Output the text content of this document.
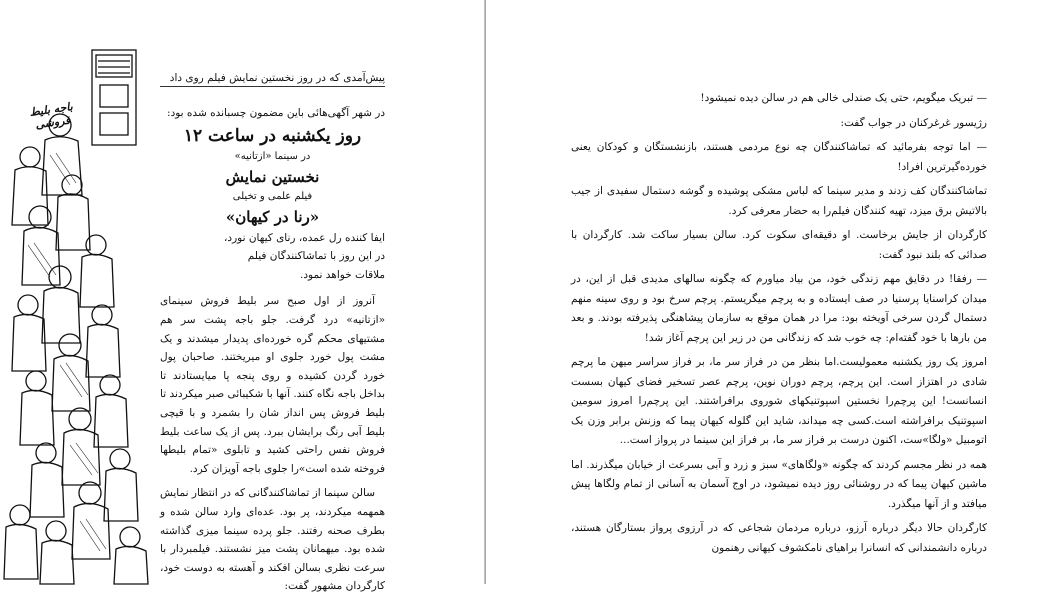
باجه بلیط فروشی
پیش‌آمدی که در روز نخستین نمایش فیلم روی داد
در شهر آگهی‌هائی باین مضمون چسبانده شده بود:
روز یکشنبه در ساعت ۱۲
در سینما «ازتانیه»
نخستین نمایش
فیلم علمی و تخیلی
«رنا در کیهان»
ایفا کننده رل عمده، رنای کیهان نورد،
در این روز با تماشاکنندگان فیلم
ملاقات خواهد نمود.

آنروز از اول صبح سر بلیط فروش سینمای «ازتانیه» درد گرفت. جلو باجه پشت سر هم مشتیهای محکم گره خورده‌ای پدیدار میشدند و یک مشت پول خورد جلوی او میریختند. صاحبان پول خورد گردن کشیده و روی پنجه پا میایستادند تا بداخل باجه نگاه کنند. آنها با شکیبائی صبر میکردند تا بلیط فروش پس انداز شان را بشمرد و با قیچی بلیط آبی رنگ برایشان ببرد. پس از یک ساعت بلیط فروش نفس راحتی کشید و تابلوی «تمام بلیطها فروخته شده است»را جلوی باجه آویزان کرد.

سالن سینما از تماشاکنندگانی که در انتظار نمایش همهمه میکردند، پر بود. عده‌ای وارد سالن شده و بطرف صحنه رفتند. جلو پرده سینما میزی گذاشته شده بود. میهمانان پشت میز نشستند. فیلمبردار با سرعت نظری بسالن افکند و آهسته به دوست خود، کارگردان مشهور گفت:

— تبریک میگویم، حتی یک صندلی خالی هم در سالن دیده نمیشود!

رژیسور غرغرکنان در جواب گفت:

— اما توجه بفرمائید که تماشاکنندگان چه نوع مردمی هستند، بازنشستگان و کودکان یعنی خورده‌گیرترین افراد!

تماشاکنندگان کف زدند و مدیر سینما که لباس مشکی پوشیده و گوشه دستمال سفیدی از جیب بالاتیش برق میزد، تهیه کنندگان فیلم‌را به حضار معرفی کرد.

کارگردان از جایش برخاست. او دقیقه‌ای سکوت کرد. سالن بسیار ساکت شد. کارگردان با صدائی که بلند نبود گفت:

— رفقا! در دقایق مهم زندگی خود، من بیاد میاورم که چگونه سالهای مدیدی قبل از این، در میدان کراسنایا پرسنیا در صف ایستاده و به پرچم میگریستم. پرچم سرخ بود و روی سینه منهم دستمال گردن سرخی آویخته بود: مرا در همان موقع به سازمان پیشاهنگی پذیرفته بودند. و بعد من بارها با خود گفته‌ام: چه خوب شد که زندگانی من در زیر این پرچم آغاز شد!

امروز یک روز یکشنبه معمولیست.اما بنظر من در فراز سر ما، بر فراز سراسر میهن ما پرچم شادی در اهتزاز است. این پرچم، پرچم دوران نوین، پرچم عصر تسخیر فضای کیهان بسست انسانست! این پرچم‌را نخستین اسپوتنیکهای شوروی برافراشتند. این پرچم‌را امروز سومین اسپوتنیک برافراشته است.کسی چه میداند، شاید این گلوله کیهان پیما که وزنش برابر وزن یک اتومبیل «ولگا»ست، اکنون درست بر فراز سر ما، بر فراز این سینما در پرواز است...

همه در نظر مجسم کردند که چگونه «ولگاهای» سبز و زرد و آبی بسرعت از خیابان میگذرند. اما ماشین کیهان پیما که در روشنائی روز دیده نمیشود، در اوج آسمان به آسانی از تمام ولگاها پیش میافتد و از آنها میگذرد.

کارگردان حالا دیگر درباره آرزو، درباره مردمان شجاعی که در آرزوی پرواز بستارگان هستند، درباره دانشمندانی که انسانرا براهیای نامکشوف کیهانی رهنمون
